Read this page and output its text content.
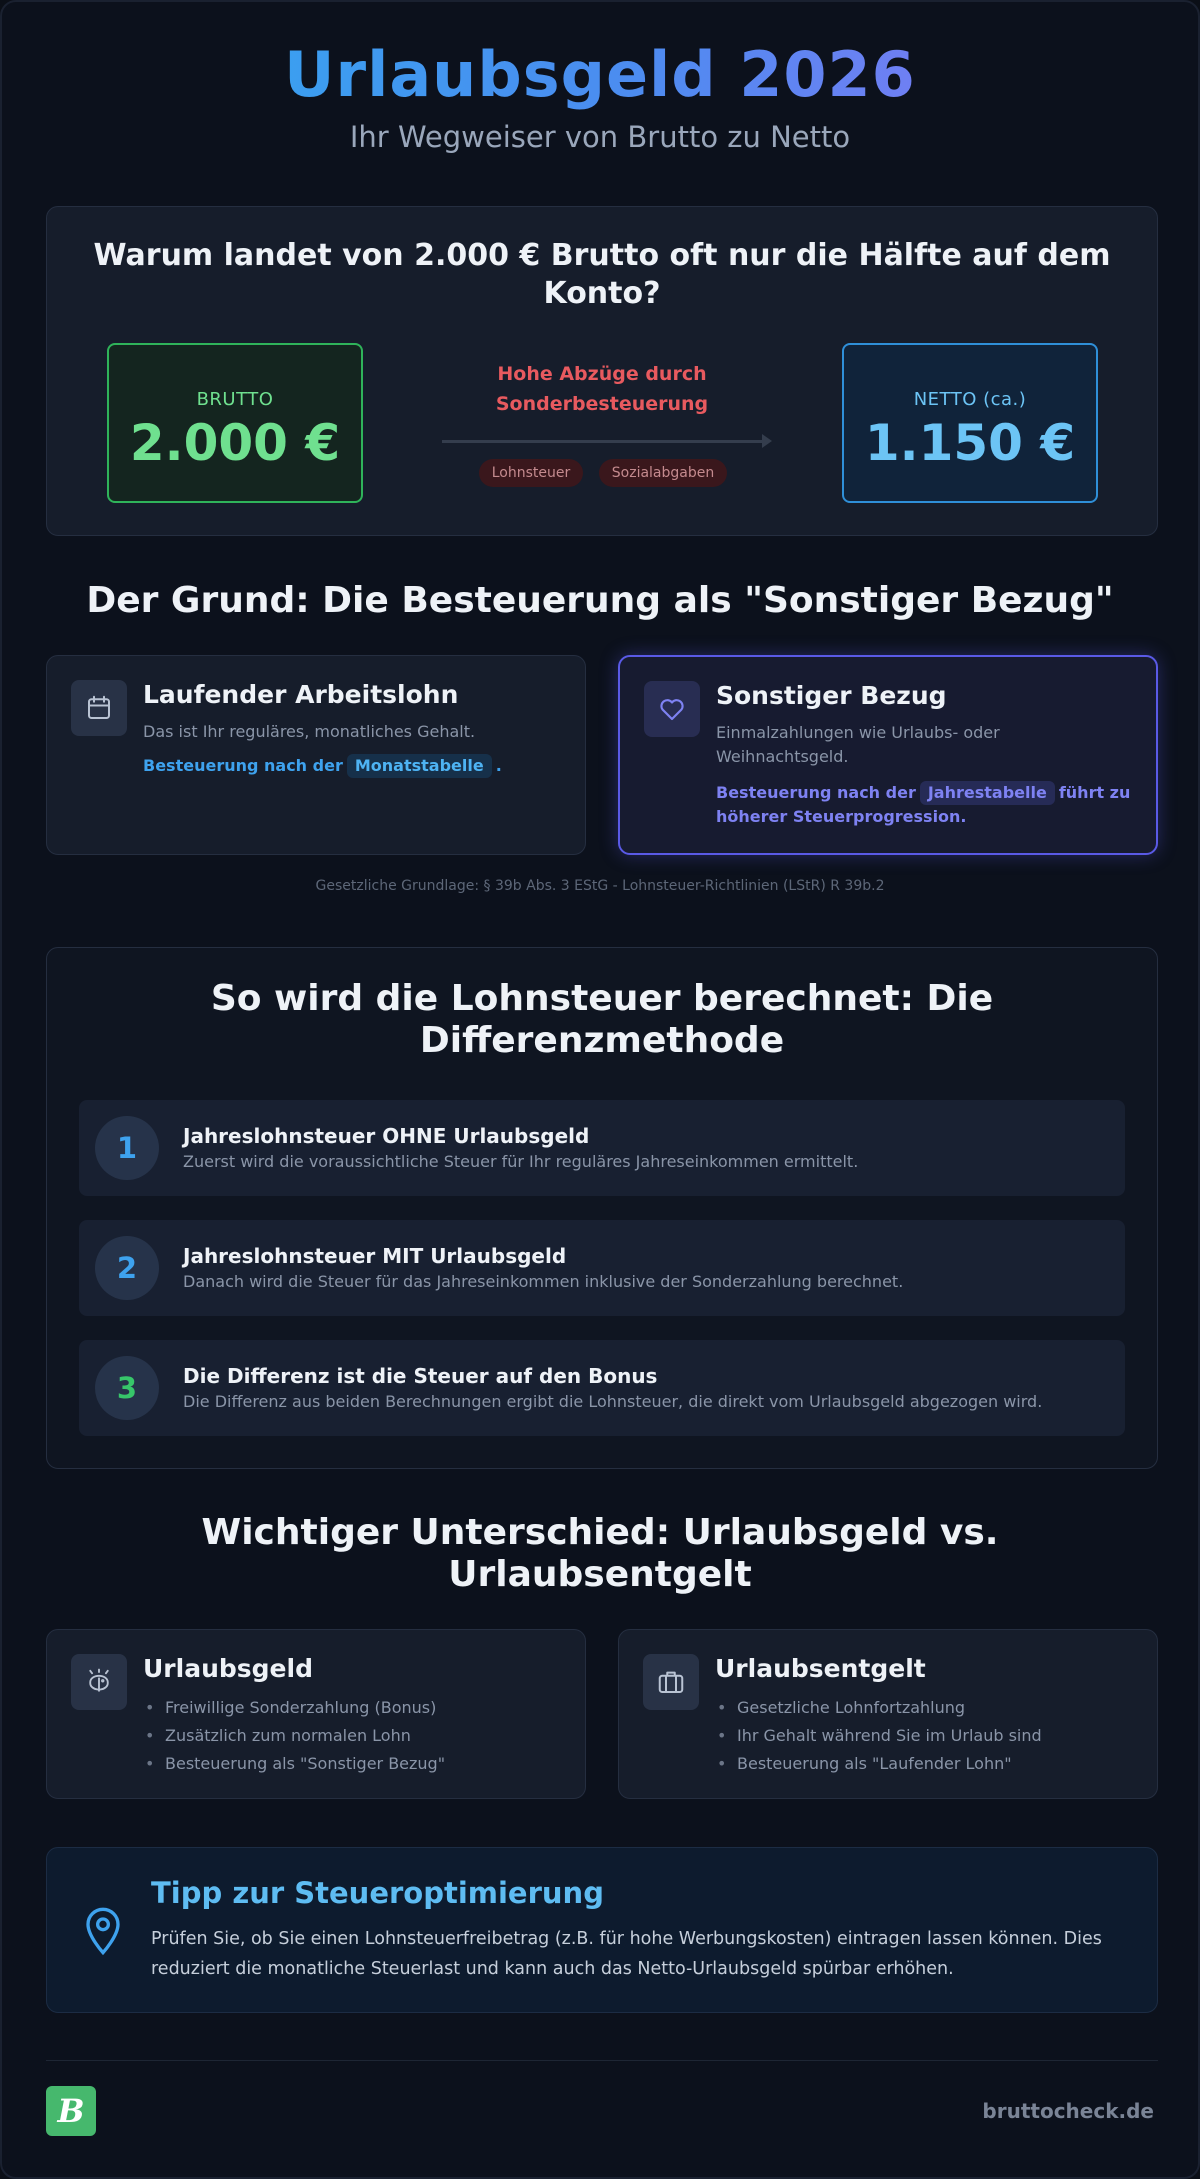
Urlaubsgeld 2026
Ihr Wegweiser von Brutto zu Netto
Warum landet von 2.000 € Brutto oft nur die Hälfte auf dem Konto?
BRUTTO
2.000 €
Hohe Abzüge durch Sonderbesteuerung
Lohnsteuer	Sozialabgaben
NETTO (ca.)
1.150 €
Der Grund: Die Besteuerung als "Sonstiger Bezug"
Laufender Arbeitslohn
Das ist Ihr reguläres, monatliches Gehalt.
Besteuerung nach der Monatstabelle .
Sonstiger Bezug
Einmalzahlungen wie Urlaubs- oder Weihnachtsgeld.
Besteuerung nach der Jahrestabelle führt zu höherer Steuerprogression.
Gesetzliche Grundlage: § 39b Abs. 3 EStG - Lohnsteuer-Richtlinien (LStR) R 39b.2
So wird die Lohnsteuer berechnet: Die Differenzmethode
1	Jahreslohnsteuer OHNE Urlaubsgeld
Zuerst wird die voraussichtliche Steuer für Ihr reguläres Jahreseinkommen ermittelt.
2	Jahreslohnsteuer MIT Urlaubsgeld
Danach wird die Steuer für das Jahreseinkommen inklusive der Sonderzahlung berechnet.
3	Die Differenz ist die Steuer auf den Bonus
Die Differenz aus beiden Berechnungen ergibt die Lohnsteuer, die direkt vom Urlaubsgeld abgezogen wird.
Wichtiger Unterschied: Urlaubsgeld vs. Urlaubsentgelt
Urlaubsgeld
• Freiwillige Sonderzahlung (Bonus)
• Zusätzlich zum normalen Lohn
• Besteuerung als "Sonstiger Bezug"
Urlaubsentgelt
• Gesetzliche Lohnfortzahlung
• Ihr Gehalt während Sie im Urlaub sind
• Besteuerung als "Laufender Lohn"
Tipp zur Steueroptimierung
Prüfen Sie, ob Sie einen Lohnsteuerfreibetrag (z.B. für hohe Werbungskosten) eintragen lassen können. Dies reduziert die monatliche Steuerlast und kann auch das Netto-Urlaubsgeld spürbar erhöhen.
B	bruttocheck.de
